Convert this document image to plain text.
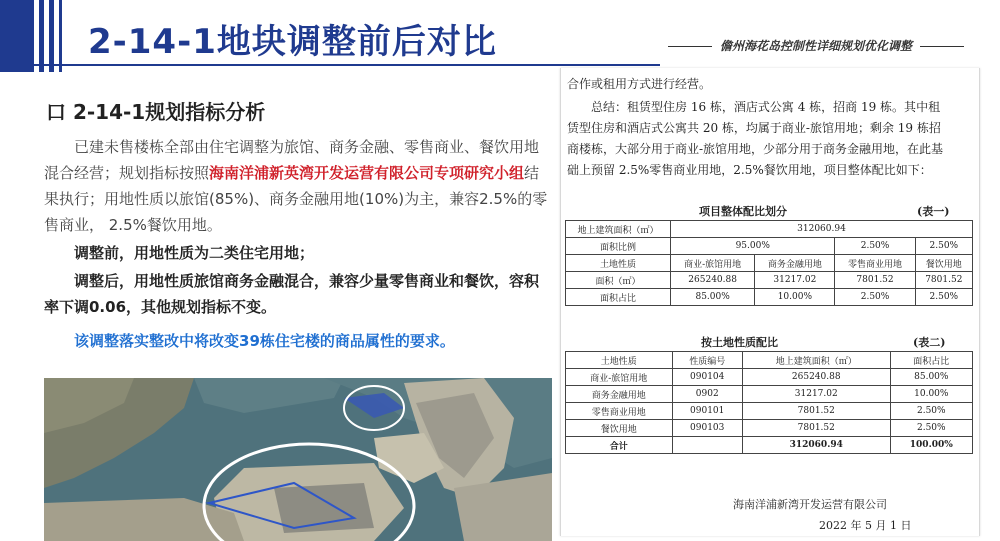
2-14-1地块调整前后对比	儋州海花岛控制性详细规划优化调整
口 2-14-1规划指标分析

已建未售楼栋全部由住宅调整为旅馆、商务金融、零售商业、餐饮用地混合经营；规划指标按照海南洋浦新英湾开发运营有限公司专项研究小组结果执行；用地性质以旅馆(85%)、商务金融用地(10%)为主，兼容2.5%的零售商业， 2.5%餐饮用地。

调整前，用地性质为二类住宅用地；

调整后，用地性质旅馆商务金融混合，兼容少量零售商业和餐饮，容积率下调0.06，其他规划指标不变。

该调整落实整改中将改变39栋住宅楼的商品属性的要求。

合作或租用方式进行经营。
总结：租赁型住房 16 栋，酒店式公寓 4 栋，招商 19 栋。其中租赁型住房和酒店式公寓共 20 栋，均属于商业-旅馆用地；剩余 19 栋招商楼栋，大部分用于商业-旅馆用地，少部分用于商务金融用地，在此基础上预留 2.5%零售商业用地，2.5%餐饮用地，项目整体配比如下：
项目整体配比划分	(表一)
地上建筑面积（㎡）	312060.94			
面积比例	95.00%		2.50%	2.50%
土地性质	商业-旅馆用地	商务金融用地	零售商业用地	餐饮用地
面积（㎡）	265240.88	31217.02	7801.52	7801.52
面积占比	85.00%	10.00%	2.50%	2.50%
按土地性质配比	(表二)
土地性质	性质编号	地上建筑面积（㎡）	面积占比
商业-旅馆用地	090104	265240.88	85.00%
商务金融用地	0902	31217.02	10.00%
零售商业用地	090101	7801.52	2.50%
餐饮用地	090103	7801.52	2.50%
合计		312060.94	100.00%
海南洋浦新湾开发运营有限公司
2022 年 5 月 1 日
